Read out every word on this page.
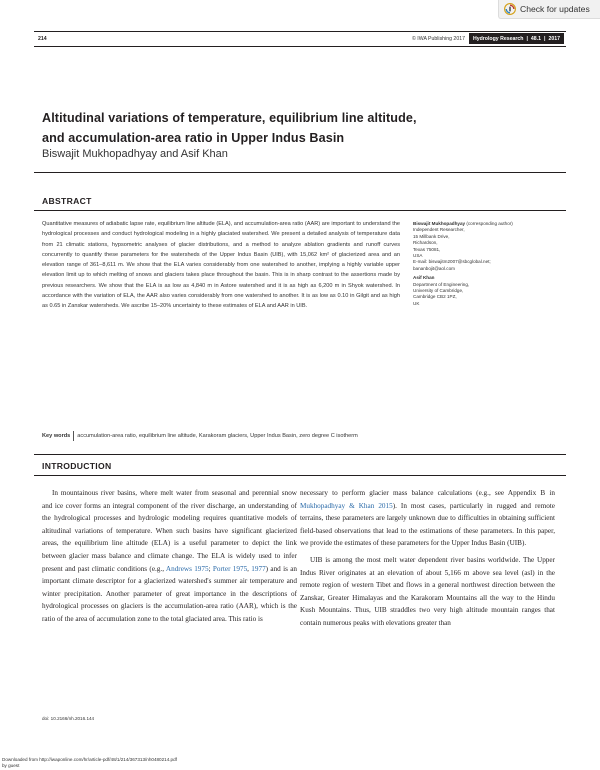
Check for updates
214	© IWA Publishing 2017 Hydrology Research | 48.1 | 2017
Altitudinal variations of temperature, equilibrium line altitude, and accumulation-area ratio in Upper Indus Basin
Biswajit Mukhopadhyay and Asif Khan
ABSTRACT
Quantitative measures of adiabatic lapse rate, equilibrium line altitude (ELA), and accumulation-area ratio (AAR) are important to understand the hydrological processes and conduct hydrological modeling in a highly glaciated watershed. We present a detailed analysis of temperature data from 21 climatic stations, hypsometric analyses of glacier distributions, and a method to analyze ablation gradients and runoff curves concurrently to quantify these parameters for the watersheds of the Upper Indus Basin (UIB), with 15,062 km² of glacierized area and an elevation range of 361–8,611 m. We show that the ELA varies considerably from one watershed to another, implying a highly variable upper elevation limit up to which melting of snows and glaciers takes place throughout the basin. This is in sharp contrast to the assertions made by previous researchers. We show that the ELA is as low as 4,840 m in Astore watershed and it is as high as 6,200 m in Shyok watershed. In accordance with the variation of ELA, the AAR also varies considerably from one watershed to another. It is as low as 0.10 in Gilgit and as high as 0.65 in Zanskar watersheds. We ascribe 15–20% uncertainty to these estimates of ELA and AAR in UIB.
Biswajit Mukhopadhyay (corresponding author)
Independent Researcher,
15 Millbank Drive,
Richardson,
Texas 75081,
USA
E-mail: biswajitm2007@sbcglobal.net;
bananbojit@aol.com
Asif Khan
Department of Engineering,
University of Cambridge,
Cambridge CB2 1PZ,
UK
Key words	accumulation-area ratio, equilibrium line altitude, Karakoram glaciers, Upper Indus Basin, zero degree C isotherm
INTRODUCTION

In mountainous river basins, where melt water from seasonal and perennial snow and ice cover forms an integral component of the river discharge, an understanding of the hydrological processes and hydrologic modeling requires quantitative models of altitudinal variations of temperature. When such basins have significant glacierized areas, the equilibrium line altitude (ELA) is a useful parameter to depict the link between glacier mass balance and climate change. The ELA is widely used to infer present and past climatic conditions (e.g., Andrews 1975; Porter 1975, 1977) and is an important climate descriptor for a glacierized watershed's summer air temperature and winter precipitation. Another parameter of great importance in the descriptions of hydrological processes on glaciers is the accumulation-area ratio (AAR), which is the ratio of the area of accumulation zone to the total glaciated area. This ratio is

necessary to perform glacier mass balance calculations (e.g., see Appendix B in Mukhopadhyay & Khan 2015). In most cases, particularly in rugged and remote terrains, these parameters are largely unknown due to difficulties in obtaining sufficient field-based observations that lead to the estimations of these parameters. In this paper, we provide the estimates of these parameters for the Upper Indus Basin (UIB).

UIB is among the most melt water dependent river basins worldwide. The Upper Indus River originates at an elevation of about 5,166 m above sea level (asl) in the remote region of western Tibet and flows in a general northwest direction between the Zanskar, Greater Himalayas and the Karakoram Mountains all the way to the Hindu Kush Mountains. Thus, UIB straddles two very high altitude mountain ranges that contain numerous peaks with elevations greater than

doi: 10.2166/nh.2016.144
Downloaded from http://iwaponline.com/hr/article-pdf/48/1/214/367313/nh0480214.pdf
by guest
